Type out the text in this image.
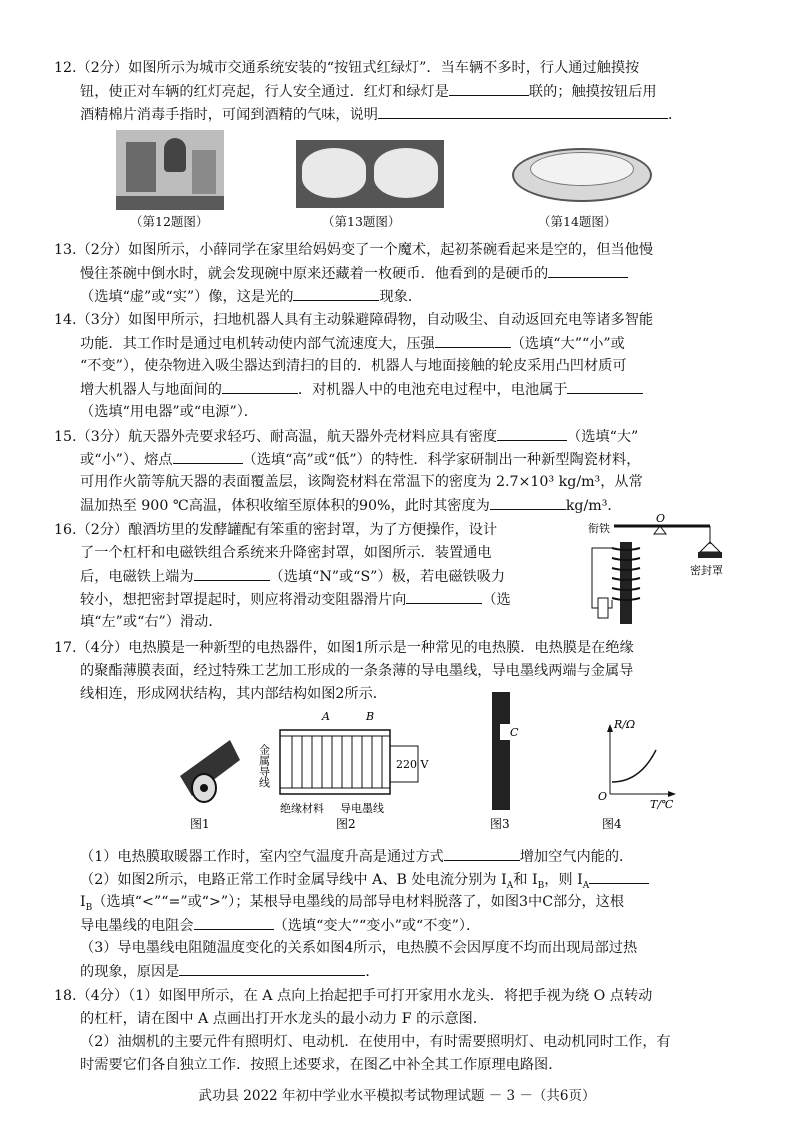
12.（2分）如图所示为城市交通系统安装的“按钮式红绿灯”．当车辆不多时，行人通过触摸按
钮，使正对车辆的红灯亮起，行人安全通过．红灯和绿灯是	联的；触摸按钮后用
酒精棉片消毒手指时，可闻到酒精的气味，说明	．
（第12题图）	（第13题图）	（第14题图）
13.（2分）如图所示，小薛同学在家里给妈妈变了一个魔术，起初茶碗看起来是空的，但当他慢
慢往茶碗中倒水时，就会发现碗中原来还藏着一枚硬币．他看到的是硬币的
（选填“虚”或“实”）像，这是光的	现象．
14.（3分）如图甲所示，扫地机器人具有主动躲避障碍物，自动吸尘、自动返回充电等诸多智能
功能．其工作时是通过电机转动使内部气流速度大，压强	（选填“大”“小”或
“不变”），使杂物进入吸尘器达到清扫的目的．机器人与地面接触的轮皮采用凸凹材质可
增大机器人与地面间的	．对机器人中的电池充电过程中，电池属于
（选填“用电器”或“电源”）．
15.（3分）航天器外壳要求轻巧、耐高温，航天器外壳材料应具有密度	（选填“大”
或“小”）、熔点	（选填“高”或“低”）的特性．科学家研制出一种新型陶瓷材料，
可用作火箭等航天器的表面覆盖层，该陶瓷材料在常温下的密度为 2.7×10³ kg/m³，从常
温加热至 900 ℃高温，体积收缩至原体积的90%，此时其密度为	kg/m³．
16.（2分）酿酒坊里的发酵罐配有笨重的密封罩，为了方便操作，设计
了一个杠杆和电磁铁组合系统来升降密封罩，如图所示．装置通电
后，电磁铁上端为	（选填“N”或“S”）极，若电磁铁吸力
较小，想把密封罩提起时，则应将滑动变阻器滑片向	（选
填“左”或“右”）滑动．
O
衔铁
密封罩
17.（4分）电热膜是一种新型的电热器件，如图1所示是一种常见的电热膜．电热膜是在绝缘
的聚酯薄膜表面，经过特殊工艺加工形成的一条条薄的导电墨线，导电墨线两端与金属导
线相连，形成网状结构，其内部结构如图2所示．
图1
A	B
220 V
金属导线
绝缘材料 导电墨线
图2
C
图3
R/Ω
T/℃
O
图4
（1）电热膜取暖器工作时，室内空气温度升高是通过方式	增加空气内能的．
（2）如图2所示，电路正常工作时金属导线中 A、B 处电流分别为 $I_A$和 $I_B$，则 $I_A$
$I_B$（选填“<”“=”或“>”）；某根导电墨线的局部导电材料脱落了，如图3中C部分，这根
导电墨线的电阻会	（选填“变大”“变小”或“不变”）．
（3）导电墨线电阻随温度变化的关系如图4所示，电热膜不会因厚度不均而出现局部过热
的现象，原因是	．
18.（4分）（1）如图甲所示，在 A 点向上抬起把手可打开家用水龙头．将把手视为绕 O 点转动
的杠杆，请在图中 A 点画出打开水龙头的最小动力 F 的示意图．
（2）油烟机的主要元件有照明灯、电动机．在使用中，有时需要照明灯、电动机同时工作，有
时需要它们各自独立工作．按照上述要求，在图乙中补全其工作原理电路图．
武功县 2022 年初中学业水平模拟考试物理试题 － 3 －（共6页）
